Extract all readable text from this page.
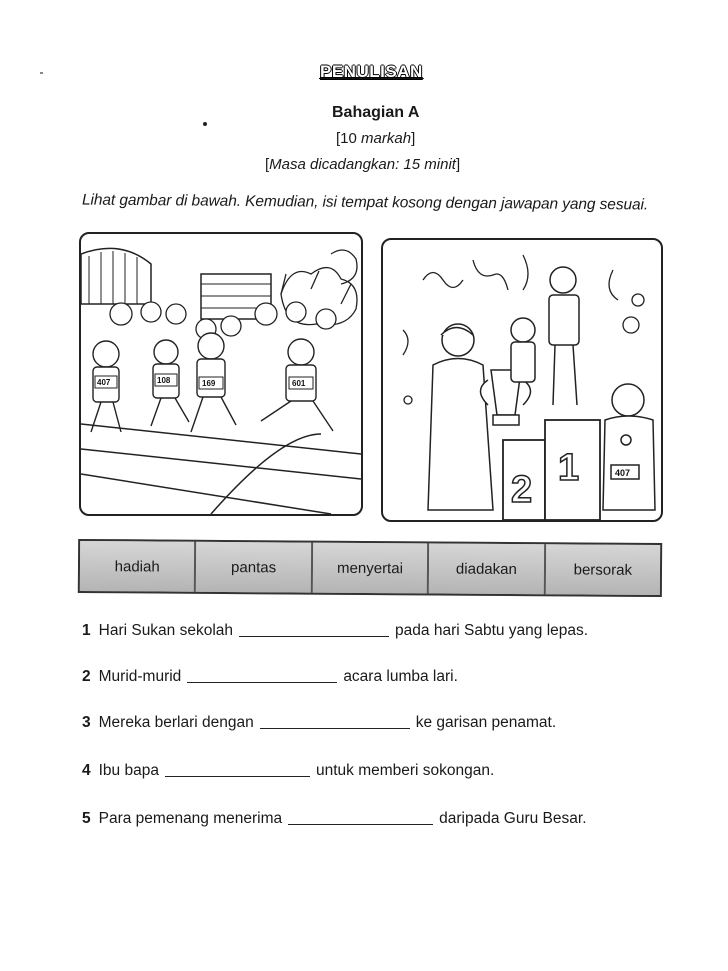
PENULISAN
Bahagian A
[10 markah]
[Masa dicadangkan: 15 minit]
Lihat gambar di bawah. Kemudian, isi tempat kosong dengan jawapan yang sesuai.
407	108	169	601
2
1	407
hadiah	pantas	menyertai	diadakan	bersorak
1 Hari Sukan sekolah	pada hari Sabtu yang lepas.
2 Murid-murid	acara lumba lari.
3 Mereka berlari dengan	ke garisan penamat.
4 Ibu bapa	untuk memberi sokongan.
5 Para pemenang menerima	daripada Guru Besar.
